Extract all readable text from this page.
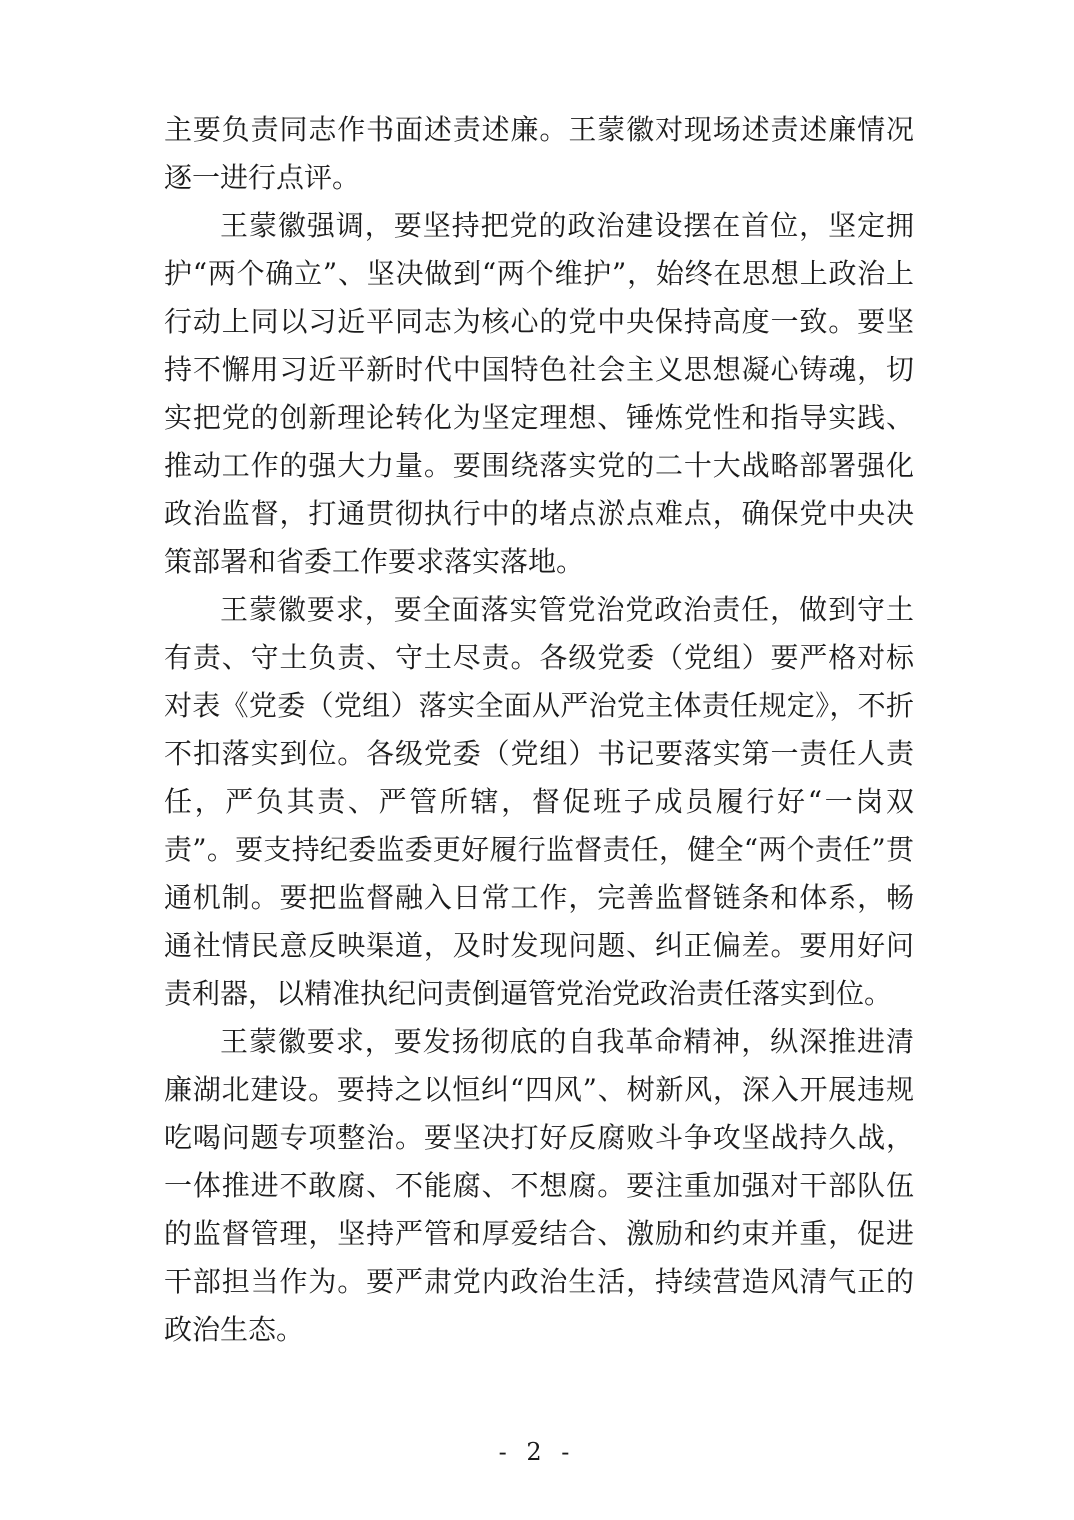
主要负责同志作书面述责述廉。王蒙徽对现场述责述廉情况逐一进行点评。

王蒙徽强调，要坚持把党的政治建设摆在首位，坚定拥护“两个确立”、坚决做到“两个维护”，始终在思想上政治上行动上同以习近平同志为核心的党中央保持高度一致。要坚持不懈用习近平新时代中国特色社会主义思想凝心铸魂，切实把党的创新理论转化为坚定理想、锤炼党性和指导实践、推动工作的强大力量。要围绕落实党的二十大战略部署强化政治监督，打通贯彻执行中的堵点淤点难点，确保党中央决策部署和省委工作要求落实落地。

王蒙徽要求，要全面落实管党治党政治责任，做到守土有责、守土负责、守土尽责。各级党委（党组）要严格对标对表《党委（党组）落实全面从严治党主体责任规定》，不折不扣落实到位。各级党委（党组）书记要落实第一责任人责任，严负其责、严管所辖，督促班子成员履行好“一岗双责”。要支持纪委监委更好履行监督责任，健全“两个责任”贯通机制。要把监督融入日常工作，完善监督链条和体系，畅通社情民意反映渠道，及时发现问题、纠正偏差。要用好问责利器，以精准执纪问责倒逼管党治党政治责任落实到位。

王蒙徽要求，要发扬彻底的自我革命精神，纵深推进清廉湖北建设。要持之以恒纠“四风”、树新风，深入开展违规吃喝问题专项整治。要坚决打好反腐败斗争攻坚战持久战，一体推进不敢腐、不能腐、不想腐。要注重加强对干部队伍的监督管理，坚持严管和厚爱结合、激励和约束并重，促进干部担当作为。要严肃党内政治生活，持续营造风清气正的政治生态。

- 2 -
